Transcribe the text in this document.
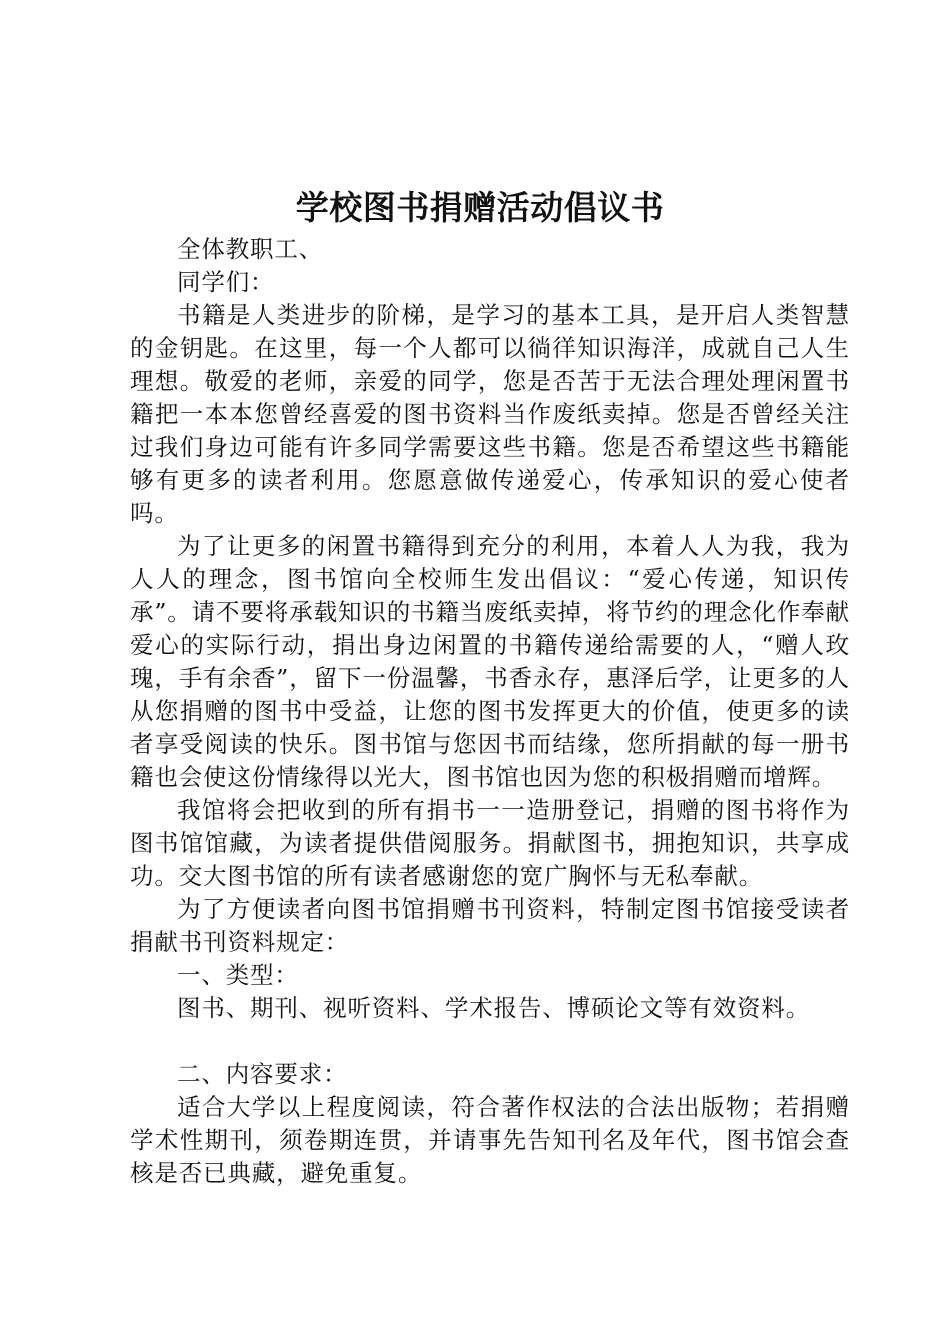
学校图书捐赠活动倡议书

全体教职工、

同学们：

书籍是人类进步的阶梯，是学习的基本工具，是开启人类智慧的金钥匙。在这里，每一个人都可以徜徉知识海洋，成就自己人生理想。敬爱的老师，亲爱的同学，您是否苦于无法合理处理闲置书籍把一本本您曾经喜爱的图书资料当作废纸卖掉。您是否曾经关注过我们身边可能有许多同学需要这些书籍。您是否希望这些书籍能够有更多的读者利用。您愿意做传递爱心，传承知识的爱心使者吗。

为了让更多的闲置书籍得到充分的利用，本着人人为我，我为人人的理念，图书馆向全校师生发出倡议：“爱心传递，知识传承”。请不要将承载知识的书籍当废纸卖掉，将节约的理念化作奉献爱心的实际行动，捐出身边闲置的书籍传递给需要的人，“赠人玫瑰，手有余香”，留下一份温馨，书香永存，惠泽后学，让更多的人从您捐赠的图书中受益，让您的图书发挥更大的价值，使更多的读者享受阅读的快乐。图书馆与您因书而结缘，您所捐献的每一册书籍也会使这份情缘得以光大，图书馆也因为您的积极捐赠而增辉。

我馆将会把收到的所有捐书一一造册登记，捐赠的图书将作为图书馆馆藏，为读者提供借阅服务。捐献图书，拥抱知识，共享成功。交大图书馆的所有读者感谢您的宽广胸怀与无私奉献。

为了方便读者向图书馆捐赠书刊资料，特制定图书馆接受读者捐献书刊资料规定：

一、类型：

图书、期刊、视听资料、学术报告、博硕论文等有效资料。

二、内容要求：

适合大学以上程度阅读，符合著作权法的合法出版物；若捐赠学术性期刊，须卷期连贯，并请事先告知刊名及年代，图书馆会查核是否已典藏，避免重复。
